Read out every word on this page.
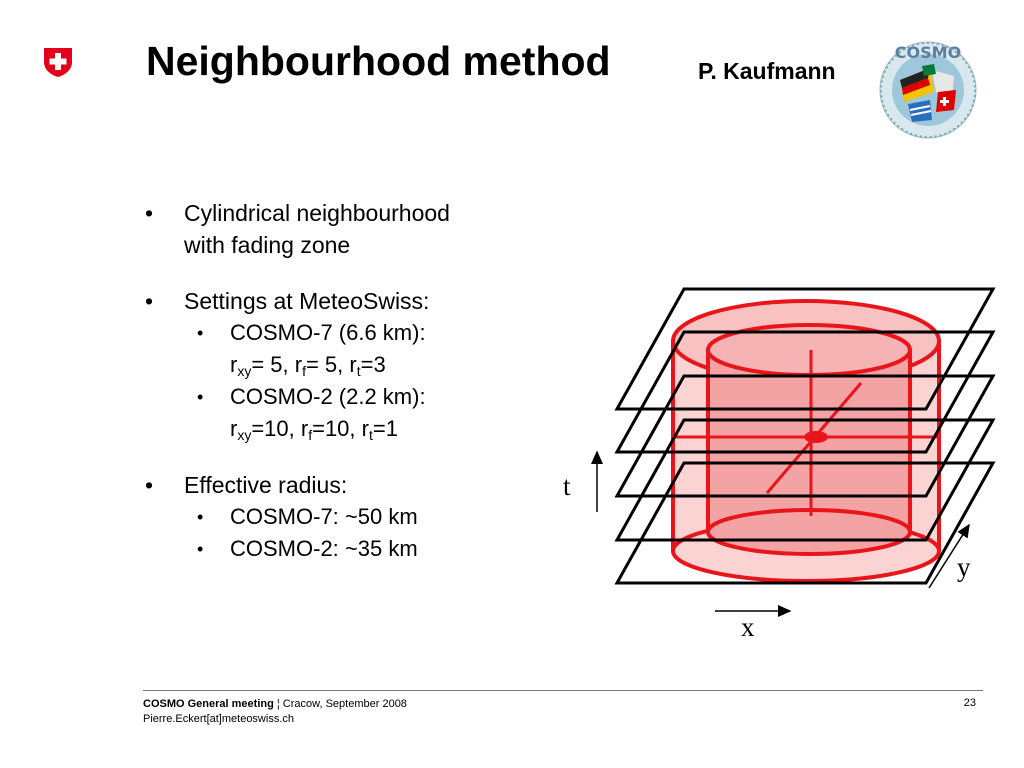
Neighbourhood method	P. Kaufmann
COSMO
• Cylindrical neighbourhood
with fading zone
• Settings at MeteoSwiss:
• COSMO-7 (6.6 km):
$r_{xy}= 5$, $r_f= 5$, $r_t=3$
• COSMO-2 (2.2 km):
$r_{xy}=10$, $r_f=10$, $r_t=1$
• Effective radius:
• COSMO-7: ~50 km
• COSMO-2: ~35 km
t
x
y
COSMO General meeting ¦ Cracow, September 2008
Pierre.Eckert[at]meteoswiss.ch
23
